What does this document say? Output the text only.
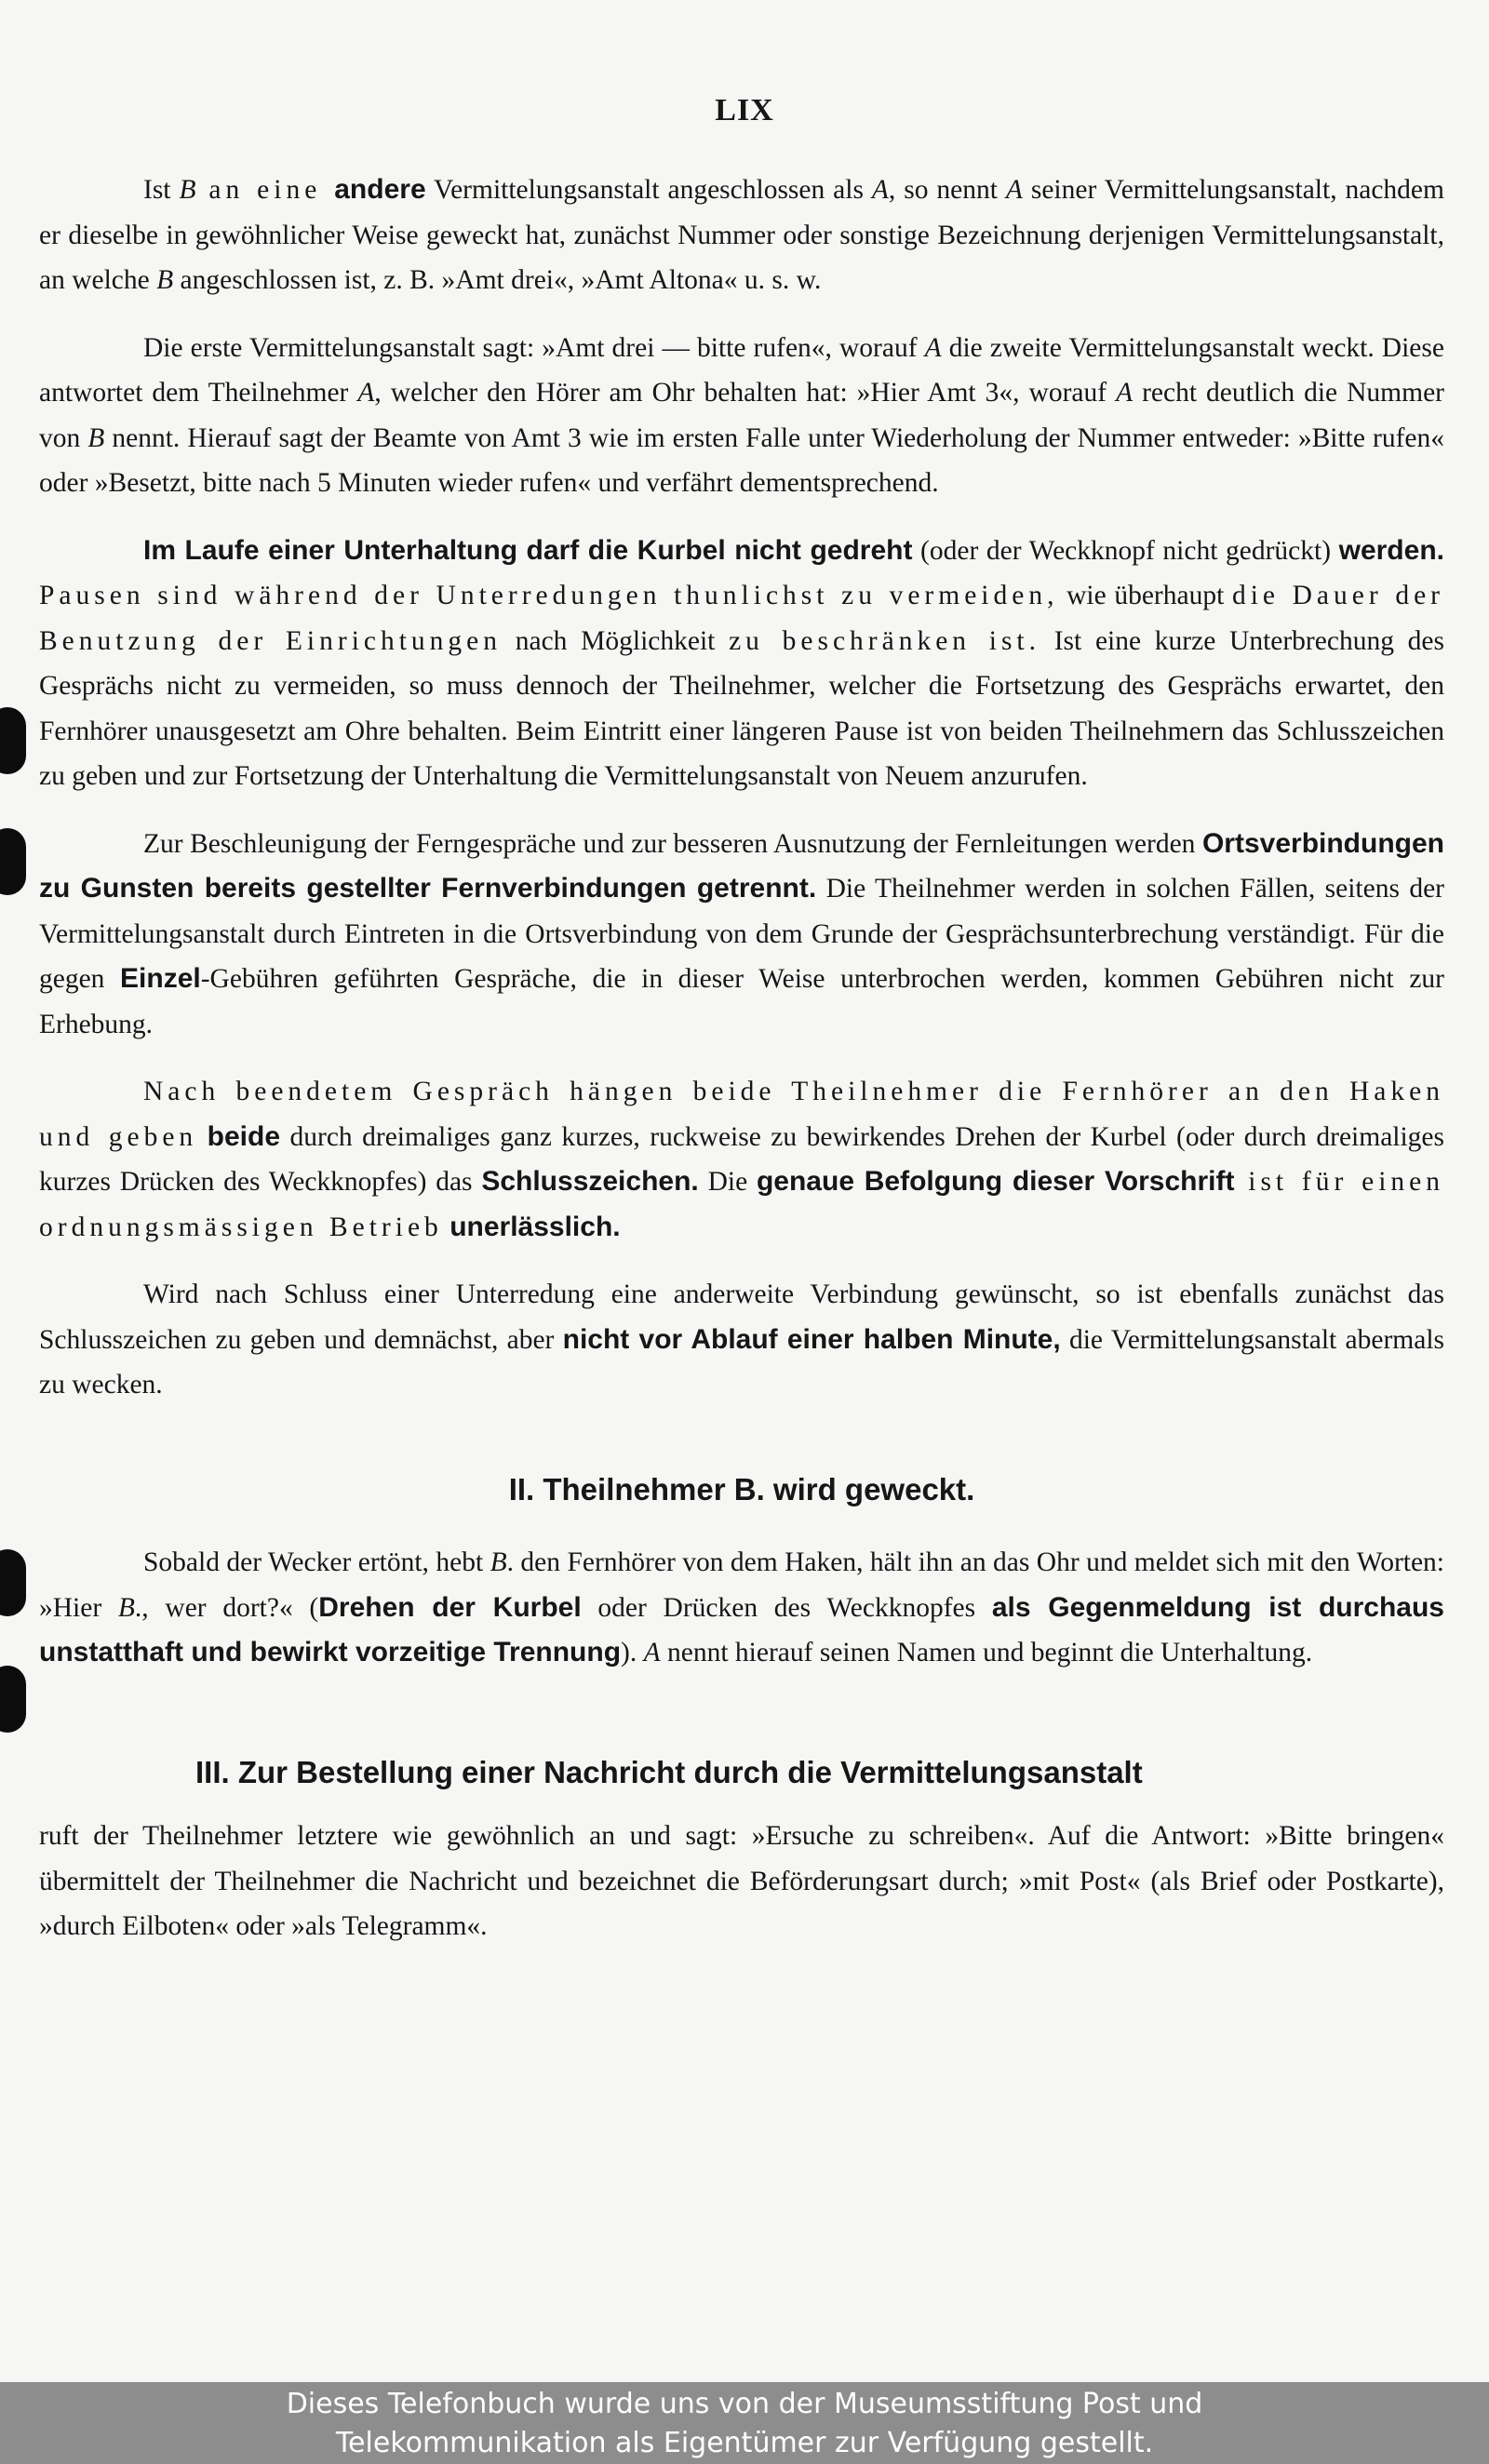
LIX

Ist B an eine andere Vermittelungsanstalt angeschlossen als A, so nennt A seiner Vermittelungsanstalt, nachdem er dieselbe in gewöhnlicher Weise geweckt hat, zunächst Nummer oder sonstige Bezeichnung derjenigen Vermittelungsanstalt, an welche B angeschlossen ist, z. B. »Amt drei«, »Amt Altona« u. s. w.

Die erste Vermittelungsanstalt sagt: »Amt drei — bitte rufen«, worauf A die zweite Vermittelungsanstalt weckt. Diese antwortet dem Theilnehmer A, welcher den Hörer am Ohr behalten hat: »Hier Amt 3«, worauf A recht deutlich die Nummer von B nennt. Hierauf sagt der Beamte von Amt 3 wie im ersten Falle unter Wiederholung der Nummer entweder: »Bitte rufen« oder »Besetzt, bitte nach 5 Minuten wieder rufen« und verfährt dementsprechend.

Im Laufe einer Unterhaltung darf die Kurbel nicht gedreht (oder der Weckknopf nicht gedrückt) werden. Pausen sind während der Unterredungen thunlichst zu vermeiden, wie überhaupt die Dauer der Benutzung der Einrichtungen nach Möglichkeit zu beschränken ist. Ist eine kurze Unterbrechung des Gesprächs nicht zu vermeiden, so muss dennoch der Theilnehmer, welcher die Fortsetzung des Gesprächs erwartet, den Fernhörer unausgesetzt am Ohre behalten. Beim Eintritt einer längeren Pause ist von beiden Theilnehmern das Schlusszeichen zu geben und zur Fortsetzung der Unterhaltung die Vermittelungsanstalt von Neuem anzurufen.

Zur Beschleunigung der Ferngespräche und zur besseren Ausnutzung der Fernleitungen werden Ortsverbindungen zu Gunsten bereits gestellter Fernverbindungen getrennt. Die Theilnehmer werden in solchen Fällen, seitens der Vermittelungsanstalt durch Eintreten in die Ortsverbindung von dem Grunde der Gesprächsunterbrechung verständigt. Für die gegen Einzel-Gebühren geführten Gespräche, die in dieser Weise unterbrochen werden, kommen Gebühren nicht zur Erhebung.

Nach beendetem Gespräch hängen beide Theilnehmer die Fernhörer an den Haken und geben beide durch dreimaliges ganz kurzes, ruckweise zu bewirkendes Drehen der Kurbel (oder durch dreimaliges kurzes Drücken des Weckknopfes) das Schlusszeichen. Die genaue Befolgung dieser Vorschrift ist für einen ordnungsmässigen Betrieb unerlässlich.

Wird nach Schluss einer Unterredung eine anderweite Verbindung gewünscht, so ist ebenfalls zunächst das Schlusszeichen zu geben und demnächst, aber nicht vor Ablauf einer halben Minute, die Vermittelungsanstalt abermals zu wecken.

II. Theilnehmer B. wird geweckt.

Sobald der Wecker ertönt, hebt B. den Fernhörer von dem Haken, hält ihn an das Ohr und meldet sich mit den Worten: »Hier B., wer dort?« (Drehen der Kurbel oder Drücken des Weckknopfes als Gegenmeldung ist durchaus unstatthaft und bewirkt vorzeitige Trennung). A nennt hierauf seinen Namen und beginnt die Unterhaltung.

III. Zur Bestellung einer Nachricht durch die Vermittelungsanstalt

ruft der Theilnehmer letztere wie gewöhnlich an und sagt: »Ersuche zu schreiben«. Auf die Antwort: »Bitte bringen« übermittelt der Theilnehmer die Nachricht und bezeichnet die Beförderungsart durch; »mit Post« (als Brief oder Postkarte), »durch Eilboten« oder »als Telegramm«.

Dieses Telefonbuch wurde uns von der Museumsstiftung Post und
Telekommunikation als Eigentümer zur Verfügung gestellt.
